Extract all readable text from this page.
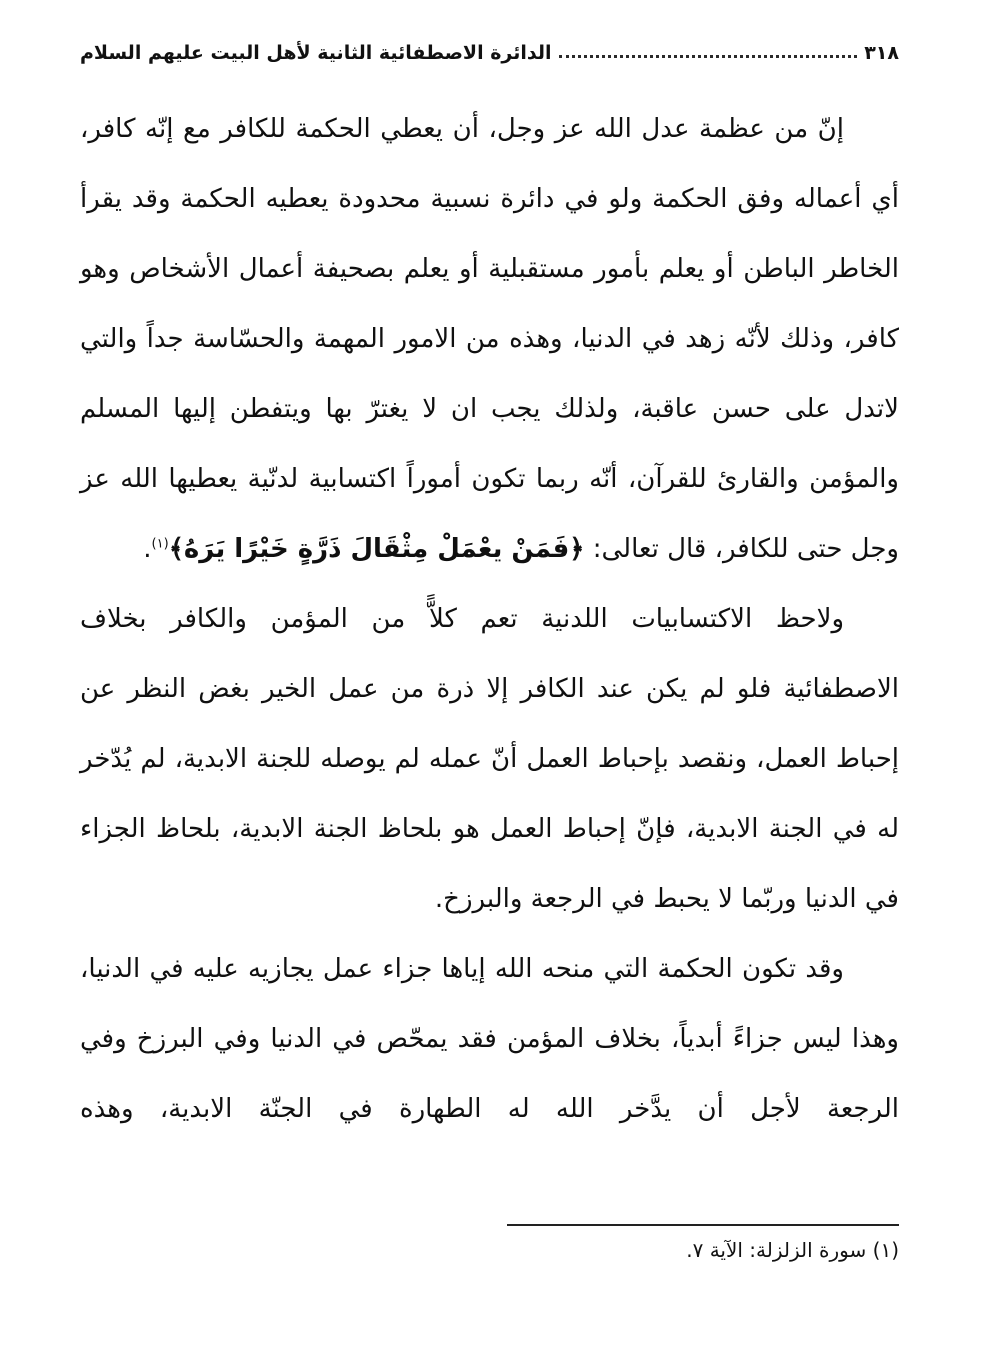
٣١٨
الدائرة الاصطفائية الثانية لأهل البيت عليهم السلام

إنّ من عظمة عدل الله عز وجل، أن يعطي الحكمة للكافر مع إنّه كافر، أي أعماله وفق الحكمة ولو في دائرة نسبية محدودة يعطيه الحكمة وقد يقرأ الخاطر الباطن أو يعلم بأمور مستقبلية أو يعلم بصحيفة أعمال الأشخاص وهو كافر، وذلك لأنّه زهد في الدنيا، وهذه من الامور المهمة والحسّاسة جداً والتي لاتدل على حسن عاقبة، ولذلك يجب ان لا يغترّ بها ويتفطن إليها المسلم والمؤمن والقارئ للقرآن، أنّه ربما تكون أموراً اكتسابية لدنّية يعطيها الله عز وجل حتى للكافر، قال تعالى: ﴿فَمَنْ يعْمَلْ مِثْقَالَ ذَرَّةٍ خَيْرًا يَرَهُ﴾$^{(١)}$.

ولاحظ الاكتسابيات اللدنية تعم كلاًّ من المؤمن والكافر بخلاف الاصطفائية فلو لم يكن عند الكافر إلا ذرة من عمل الخير بغض النظر عن إحباط العمل، ونقصد بإحباط العمل أنّ عمله لم يوصله للجنة الابدية، لم يُدّخر له في الجنة الابدية، فإنّ إحباط العمل هو بلحاظ الجنة الابدية، بلحاظ الجزاء في الدنيا وربّما لا يحبط في الرجعة والبرزخ.

وقد تكون الحكمة التي منحه الله إياها جزاء عمل يجازيه عليه في الدنيا، وهذا ليس جزاءً أبدياً، بخلاف المؤمن فقد يمحّص في الدنيا وفي البرزخ وفي الرجعة لأجل أن يدَّخر الله له الطهارة في الجنّة الابدية، وهذه

(١) سورة الزلزلة: الآية ٧.
